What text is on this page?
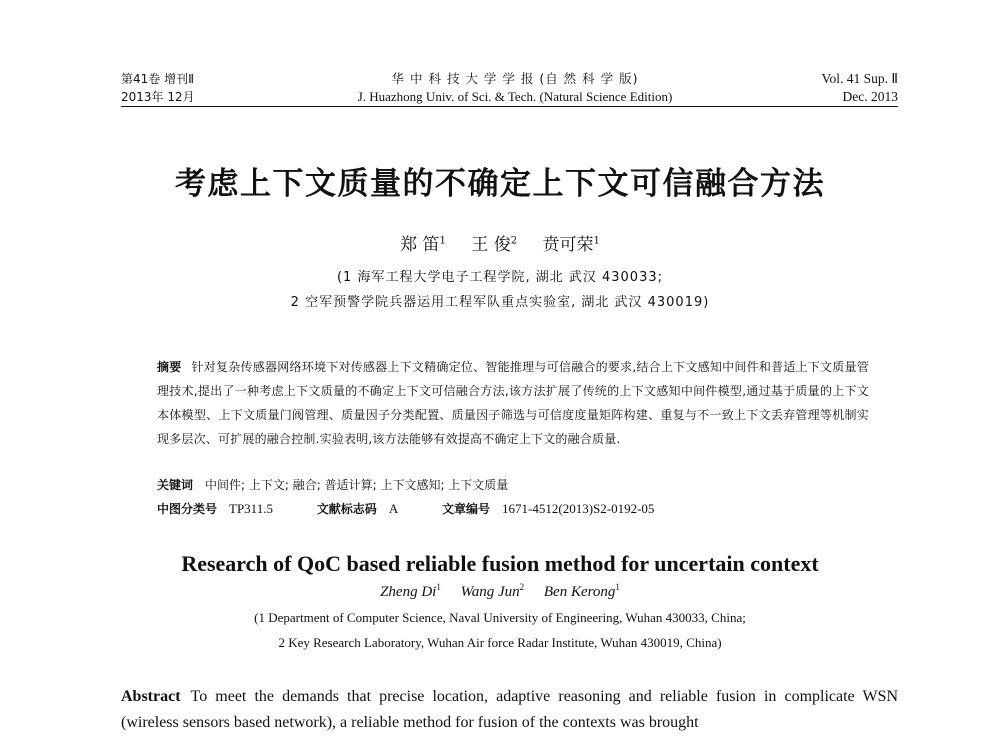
第41卷 增刊Ⅱ
2013年 12月
华 中 科 技 大 学 学 报 (自 然 科 学 版)
J. Huazhong Univ. of Sci. & Tech. (Natural Science Edition)
Vol. 41 Sup. Ⅱ
Dec. 2013
考虑上下文质量的不确定上下文可信融合方法
郑 笛$^1$ 王 俊$^2$ 贲可荣$^1$
(1 海军工程大学电子工程学院, 湖北 武汉 430033;
2 空军预警学院兵器运用工程军队重点实验室, 湖北 武汉 430019)
摘要 针对复杂传感器网络环境下对传感器上下文精确定位、智能推理与可信融合的要求,结合上下文感知中间件和普适上下文质量管理技术,提出了一种考虑上下文质量的不确定上下文可信融合方法,该方法扩展了传统的上下文感知中间件模型,通过基于质量的上下文本体模型、上下文质量门阀管理、质量因子分类配置、质量因子筛选与可信度度量矩阵构建、重复与不一致上下文丢弃管理等机制实现多层次、可扩展的融合控制.实验表明,该方法能够有效提高不确定上下文的融合质量.
关键词 中间件; 上下文; 融合; 普适计算; 上下文感知; 上下文质量
中图分类号 TP311.5	文献标志码 A	文章编号 1671-4512(2013)S2-0192-05
Research of QoC based reliable fusion method for uncertain context
Zheng Di$^1$ Wang Jun$^2$ Ben Kerong$^1$
(1 Department of Computer Science, Naval University of Engineering, Wuhan 430033, China;
2 Key Research Laboratory, Wuhan Air force Radar Institute, Wuhan 430019, China)
Abstract To meet the demands that precise location, adaptive reasoning and reliable fusion in complicate WSN (wireless sensors based network), a reliable method for fusion of the contexts was brought
